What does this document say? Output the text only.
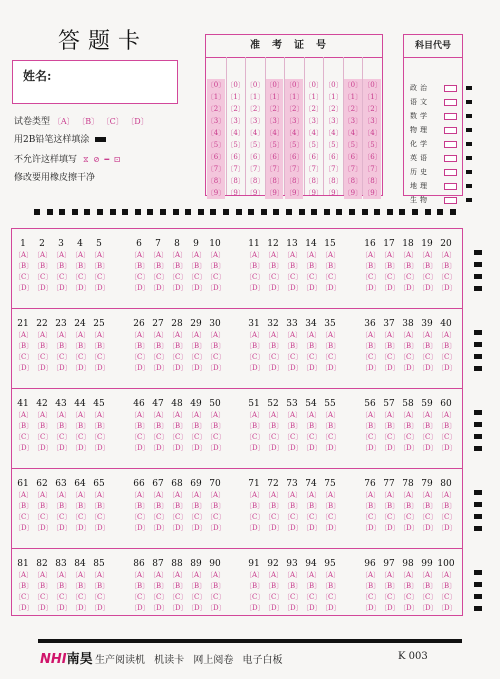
答题卡
姓名:
试卷类型 〔A〕 〔B〕 〔C〕 〔D〕
用2B铅笔这样填涂
不允许这样填写 ⧖ ⊘ ━ ⊡
修改要用橡皮擦干净
准考证号
〔0〕
〔1〕
〔2〕
〔3〕
〔4〕
〔5〕
〔6〕
〔7〕
〔8〕
〔9〕
〔0〕
〔1〕
〔2〕
〔3〕
〔4〕
〔5〕
〔6〕
〔7〕
〔8〕
〔9〕
〔0〕
〔1〕
〔2〕
〔3〕
〔4〕
〔5〕
〔6〕
〔7〕
〔8〕
〔9〕
〔0〕
〔1〕
〔2〕
〔3〕
〔4〕
〔5〕
〔6〕
〔7〕
〔8〕
〔9〕
〔0〕
〔1〕
〔2〕
〔3〕
〔4〕
〔5〕
〔6〕
〔7〕
〔8〕
〔9〕
〔0〕
〔1〕
〔2〕
〔3〕
〔4〕
〔5〕
〔6〕
〔7〕
〔8〕
〔9〕
〔0〕
〔1〕
〔2〕
〔3〕
〔4〕
〔5〕
〔6〕
〔7〕
〔8〕
〔9〕
〔0〕
〔1〕
〔2〕
〔3〕
〔4〕
〔5〕
〔6〕
〔7〕
〔8〕
〔9〕
〔0〕
〔1〕
〔2〕
〔3〕
〔4〕
〔5〕
〔6〕
〔7〕
〔8〕
〔9〕
科目代号
政治
语文
数学
物理
化学
英语
历史
地理
生物
1
〔A〕
〔B〕
〔C〕
〔D〕
2
〔A〕
〔B〕
〔C〕
〔D〕
3
〔A〕
〔B〕
〔C〕
〔D〕
4
〔A〕
〔B〕
〔C〕
〔D〕
5
〔A〕
〔B〕
〔C〕
〔D〕
6
〔A〕
〔B〕
〔C〕
〔D〕
7
〔A〕
〔B〕
〔C〕
〔D〕
8
〔A〕
〔B〕
〔C〕
〔D〕
9
〔A〕
〔B〕
〔C〕
〔D〕
10
〔A〕
〔B〕
〔C〕
〔D〕
11
〔A〕
〔B〕
〔C〕
〔D〕
12
〔A〕
〔B〕
〔C〕
〔D〕
13
〔A〕
〔B〕
〔C〕
〔D〕
14
〔A〕
〔B〕
〔C〕
〔D〕
15
〔A〕
〔B〕
〔C〕
〔D〕
16
〔A〕
〔B〕
〔C〕
〔D〕
17
〔A〕
〔B〕
〔C〕
〔D〕
18
〔A〕
〔B〕
〔C〕
〔D〕
19
〔A〕
〔B〕
〔C〕
〔D〕
20
〔A〕
〔B〕
〔C〕
〔D〕
21
〔A〕
〔B〕
〔C〕
〔D〕
22
〔A〕
〔B〕
〔C〕
〔D〕
23
〔A〕
〔B〕
〔C〕
〔D〕
24
〔A〕
〔B〕
〔C〕
〔D〕
25
〔A〕
〔B〕
〔C〕
〔D〕
26
〔A〕
〔B〕
〔C〕
〔D〕
27
〔A〕
〔B〕
〔C〕
〔D〕
28
〔A〕
〔B〕
〔C〕
〔D〕
29
〔A〕
〔B〕
〔C〕
〔D〕
30
〔A〕
〔B〕
〔C〕
〔D〕
31
〔A〕
〔B〕
〔C〕
〔D〕
32
〔A〕
〔B〕
〔C〕
〔D〕
33
〔A〕
〔B〕
〔C〕
〔D〕
34
〔A〕
〔B〕
〔C〕
〔D〕
35
〔A〕
〔B〕
〔C〕
〔D〕
36
〔A〕
〔B〕
〔C〕
〔D〕
37
〔A〕
〔B〕
〔C〕
〔D〕
38
〔A〕
〔B〕
〔C〕
〔D〕
39
〔A〕
〔B〕
〔C〕
〔D〕
40
〔A〕
〔B〕
〔C〕
〔D〕
41
〔A〕
〔B〕
〔C〕
〔D〕
42
〔A〕
〔B〕
〔C〕
〔D〕
43
〔A〕
〔B〕
〔C〕
〔D〕
44
〔A〕
〔B〕
〔C〕
〔D〕
45
〔A〕
〔B〕
〔C〕
〔D〕
46
〔A〕
〔B〕
〔C〕
〔D〕
47
〔A〕
〔B〕
〔C〕
〔D〕
48
〔A〕
〔B〕
〔C〕
〔D〕
49
〔A〕
〔B〕
〔C〕
〔D〕
50
〔A〕
〔B〕
〔C〕
〔D〕
51
〔A〕
〔B〕
〔C〕
〔D〕
52
〔A〕
〔B〕
〔C〕
〔D〕
53
〔A〕
〔B〕
〔C〕
〔D〕
54
〔A〕
〔B〕
〔C〕
〔D〕
55
〔A〕
〔B〕
〔C〕
〔D〕
56
〔A〕
〔B〕
〔C〕
〔D〕
57
〔A〕
〔B〕
〔C〕
〔D〕
58
〔A〕
〔B〕
〔C〕
〔D〕
59
〔A〕
〔B〕
〔C〕
〔D〕
60
〔A〕
〔B〕
〔C〕
〔D〕
61
〔A〕
〔B〕
〔C〕
〔D〕
62
〔A〕
〔B〕
〔C〕
〔D〕
63
〔A〕
〔B〕
〔C〕
〔D〕
64
〔A〕
〔B〕
〔C〕
〔D〕
65
〔A〕
〔B〕
〔C〕
〔D〕
66
〔A〕
〔B〕
〔C〕
〔D〕
67
〔A〕
〔B〕
〔C〕
〔D〕
68
〔A〕
〔B〕
〔C〕
〔D〕
69
〔A〕
〔B〕
〔C〕
〔D〕
70
〔A〕
〔B〕
〔C〕
〔D〕
71
〔A〕
〔B〕
〔C〕
〔D〕
72
〔A〕
〔B〕
〔C〕
〔D〕
73
〔A〕
〔B〕
〔C〕
〔D〕
74
〔A〕
〔B〕
〔C〕
〔D〕
75
〔A〕
〔B〕
〔C〕
〔D〕
76
〔A〕
〔B〕
〔C〕
〔D〕
77
〔A〕
〔B〕
〔C〕
〔D〕
78
〔A〕
〔B〕
〔C〕
〔D〕
79
〔A〕
〔B〕
〔C〕
〔D〕
80
〔A〕
〔B〕
〔C〕
〔D〕
81
〔A〕
〔B〕
〔C〕
〔D〕
82
〔A〕
〔B〕
〔C〕
〔D〕
83
〔A〕
〔B〕
〔C〕
〔D〕
84
〔A〕
〔B〕
〔C〕
〔D〕
85
〔A〕
〔B〕
〔C〕
〔D〕
86
〔A〕
〔B〕
〔C〕
〔D〕
87
〔A〕
〔B〕
〔C〕
〔D〕
88
〔A〕
〔B〕
〔C〕
〔D〕
89
〔A〕
〔B〕
〔C〕
〔D〕
90
〔A〕
〔B〕
〔C〕
〔D〕
91
〔A〕
〔B〕
〔C〕
〔D〕
92
〔A〕
〔B〕
〔C〕
〔D〕
93
〔A〕
〔B〕
〔C〕
〔D〕
94
〔A〕
〔B〕
〔C〕
〔D〕
95
〔A〕
〔B〕
〔C〕
〔D〕
96
〔A〕
〔B〕
〔C〕
〔D〕
97
〔A〕
〔B〕
〔C〕
〔D〕
98
〔A〕
〔B〕
〔C〕
〔D〕
99
〔A〕
〔B〕
〔C〕
〔D〕
100
〔A〕
〔B〕
〔C〕
〔D〕
NHI南昊 生产阅读机 机读卡 网上阅卷 电子白板	K 003
